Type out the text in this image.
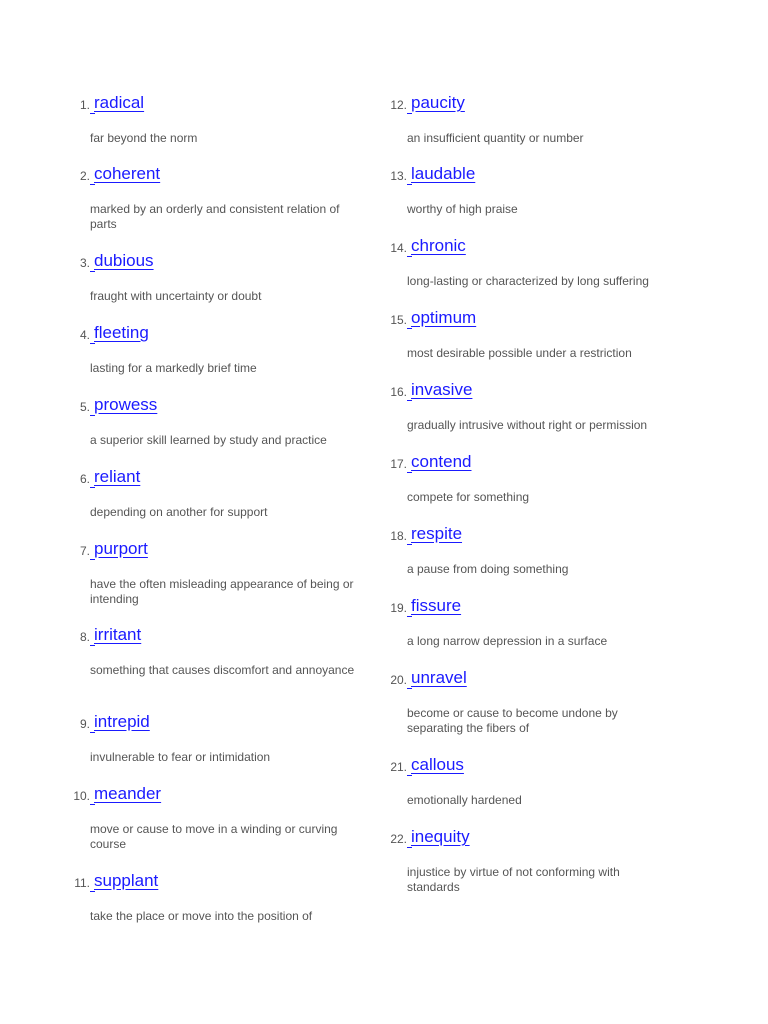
1. radical
far beyond the norm
2. coherent
marked by an orderly and consistent relation of parts
3. dubious
fraught with uncertainty or doubt
4. fleeting
lasting for a markedly brief time
5. prowess
a superior skill learned by study and practice
6. reliant
depending on another for support
7. purport
have the often misleading appearance of being or intending
8. irritant
something that causes discomfort and annoyance
9. intrepid
invulnerable to fear or intimidation
10. meander
move or cause to move in a winding or curving course
11. supplant
take the place or move into the position of
12. paucity
an insufficient quantity or number
13. laudable
worthy of high praise
14. chronic
long-lasting or characterized by long suffering
15. optimum
most desirable possible under a restriction
16. invasive
gradually intrusive without right or permission
17. contend
compete for something
18. respite
a pause from doing something
19. fissure
a long narrow depression in a surface
20. unravel
become or cause to become undone by separating the fibers of
21. callous
emotionally hardened
22. inequity
injustice by virtue of not conforming with standards
